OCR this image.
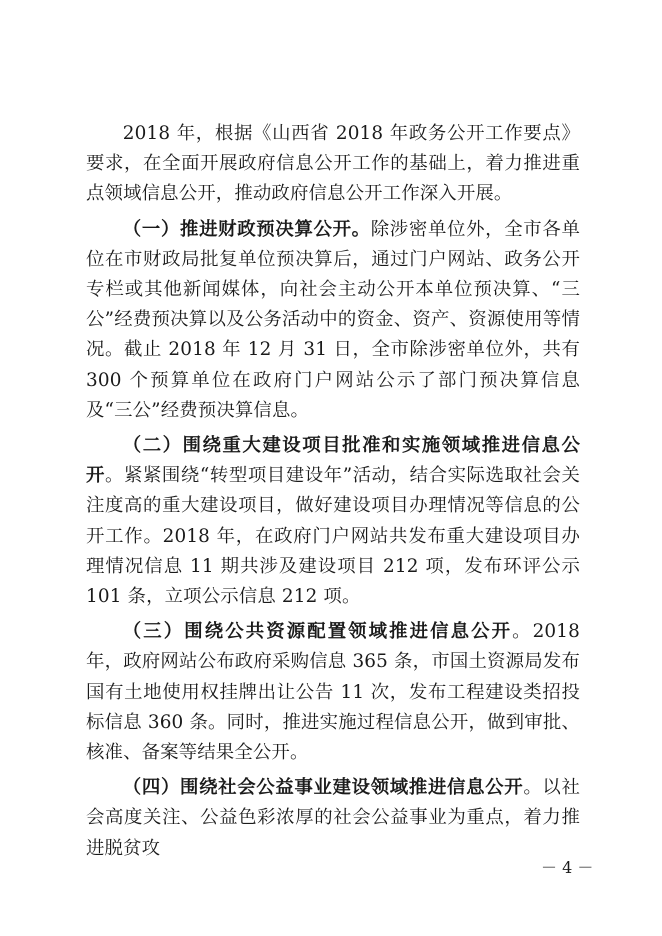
2018 年，根据《山西省 2018 年政务公开工作要点》要求，在全面开展政府信息公开工作的基础上，着力推进重点领域信息公开，推动政府信息公开工作深入开展。

（一）推进财政预决算公开。除涉密单位外，全市各单位在市财政局批复单位预决算后，通过门户网站、政务公开专栏或其他新闻媒体，向社会主动公开本单位预决算、“三公”经费预决算以及公务活动中的资金、资产、资源使用等情况。截止 2018 年 12 月 31 日，全市除涉密单位外，共有 300 个预算单位在政府门户网站公示了部门预决算信息及“三公”经费预决算信息。

（二）围绕重大建设项目批准和实施领域推进信息公开。紧紧围绕“转型项目建设年”活动，结合实际选取社会关注度高的重大建设项目，做好建设项目办理情况等信息的公开工作。2018 年，在政府门户网站共发布重大建设项目办理情况信息 11 期共涉及建设项目 212 项，发布环评公示 101 条，立项公示信息 212 项。

（三）围绕公共资源配置领域推进信息公开。2018 年，政府网站公布政府采购信息 365 条，市国土资源局发布国有土地使用权挂牌出让公告 11 次，发布工程建设类招投标信息 360 条。同时，推进实施过程信息公开，做到审批、核准、备案等结果全公开。

（四）围绕社会公益事业建设领域推进信息公开。以社会高度关注、公益色彩浓厚的社会公益事业为重点，着力推进脱贫攻

－ 4 －
